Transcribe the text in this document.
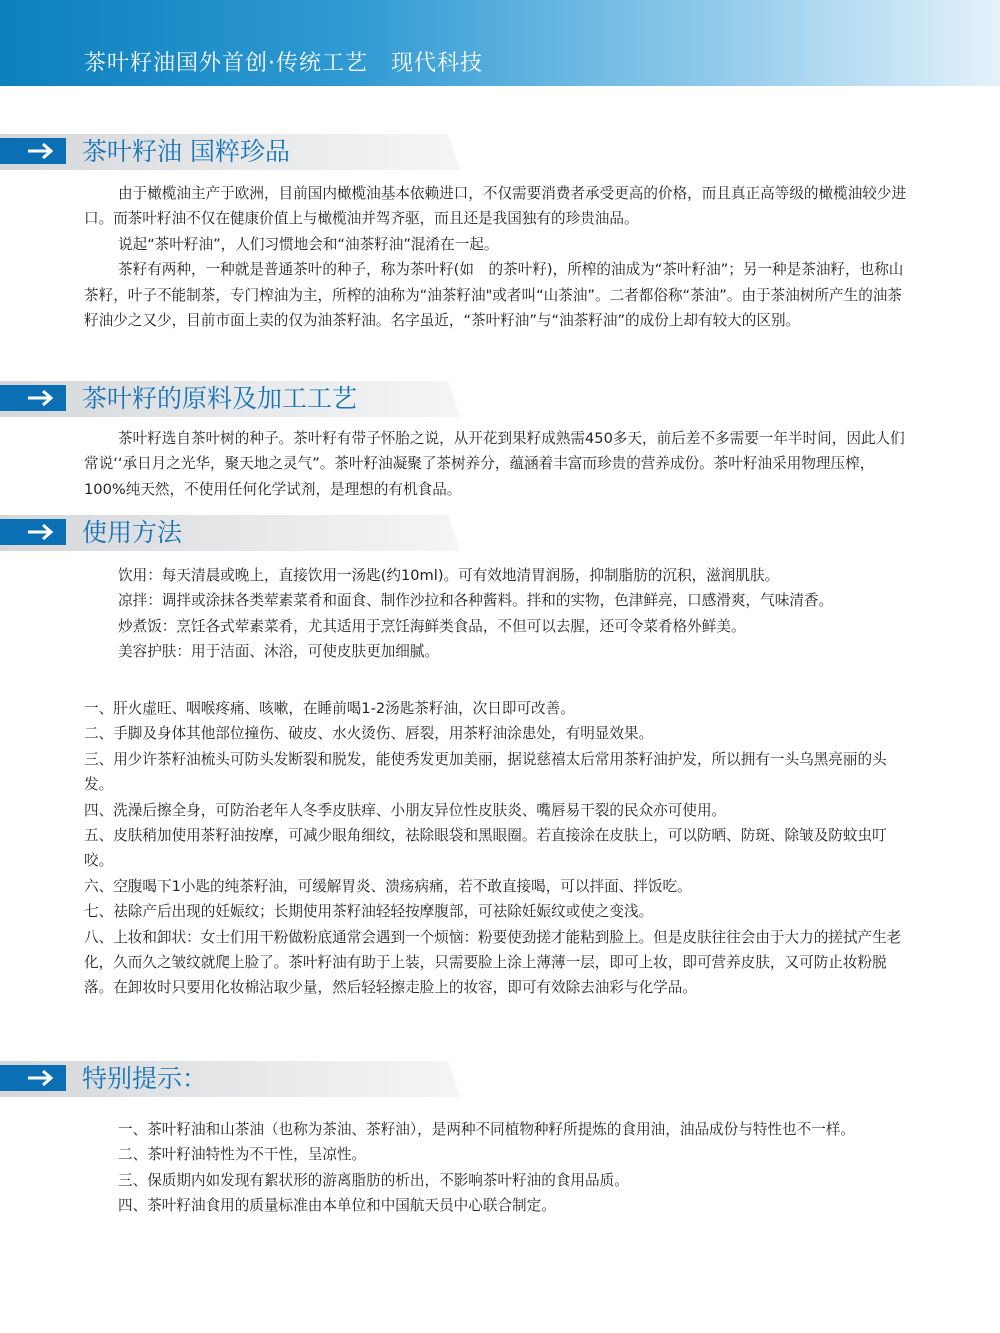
茶叶籽油国外首创·传统工艺　现代科技
茶叶籽油 国粹珍品

由于橄榄油主产于欧洲，目前国内橄榄油基本依赖进口，不仅需要消费者承受更高的价格，而且真正高等级的橄榄油较少进口。而茶叶籽油不仅在健康价值上与橄榄油并驾齐驱，而且还是我国独有的珍贵油品。

说起“茶叶籽油”，人们习惯地会和“油茶籽油”混淆在一起。

茶籽有两种，一种就是普通茶叶的种子，称为茶叶籽(如　的茶叶籽)，所榨的油成为“茶叶籽油”；另一种是茶油籽，也称山茶籽，叶子不能制茶，专门榨油为主，所榨的油称为“油茶籽油"或者叫“山茶油”。二者都俗称“茶油”。由于茶油树所产生的油茶籽油少之又少，目前市面上卖的仅为油茶籽油。名字虽近，“茶叶籽油”与“油茶籽油”的成份上却有较大的区别。

茶叶籽的原料及加工工艺

茶叶籽选自茶叶树的种子。茶叶籽有带子怀胎之说，从开花到果籽成熟需450多天，前后差不多需要一年半时间，因此人们常说‘‘承日月之光华，聚天地之灵气”。茶叶籽油凝聚了茶树养分，蕴涵着丰富而珍贵的营养成份。茶叶籽油采用物理压榨，100%纯天然，不使用任何化学试剂，是理想的有机食品。

使用方法

饮用：每天清晨或晚上，直接饮用一汤匙(约10ml)。可有效地清胃润肠，抑制脂肪的沉积，滋润肌肤。

凉拌：调拌或涂抹各类荤素菜肴和面食、制作沙拉和各种酱料。拌和的实物，色津鲜亮，口感滑爽，气味清香。

炒煮饭：烹饪各式荤素菜肴，尤其适用于烹饪海鲜类食品，不但可以去腥，还可令菜肴格外鲜美。

美容护肤：用于洁面、沐浴，可使皮肤更加细腻。

一、肝火虚旺、咽喉疼痛、咳嗽，在睡前喝1-2汤匙茶籽油，次日即可改善。

二、手脚及身体其他部位撞伤、破皮、水火烫伤、唇裂，用茶籽油涂患处，有明显效果。

三、用少许茶籽油梳头可防头发断裂和脱发，能使秀发更加美丽，据说慈禧太后常用茶籽油护发，所以拥有一头乌黑亮丽的头发。

四、洗澡后擦全身，可防治老年人冬季皮肤痒、小朋友异位性皮肤炎、嘴唇易干裂的民众亦可使用。

五、皮肤稍加使用茶籽油按摩，可减少眼角细纹，祛除眼袋和黑眼圈。若直接涂在皮肤上，可以防晒、防斑、除皱及防蚊虫叮咬。

六、空腹喝下1小匙的纯茶籽油，可缓解胃炎、溃疡病痛，若不敢直接喝，可以拌面、拌饭吃。

七、祛除产后出现的妊娠纹；长期使用茶籽油轻轻按摩腹部，可祛除妊娠纹或使之变浅。

八、上妆和卸状：女士们用干粉做粉底通常会遇到一个烦恼：粉要使劲搓才能粘到脸上。但是皮肤往往会由于大力的搓拭产生老化，久而久之皱纹就爬上脸了。茶叶籽油有助于上装，只需要脸上涂上薄薄一层，即可上妆，即可营养皮肤，又可防止妆粉脱落。在卸妆时只要用化妆棉沾取少量，然后轻轻擦走脸上的妆容，即可有效除去油彩与化学品。

特别提示：

一、茶叶籽油和山茶油（也称为茶油、茶籽油），是两种不同植物种籽所提炼的食用油，油品成份与特性也不一样。

二、茶叶籽油特性为不干性，呈凉性。

三、保质期内如发现有絮状形的游离脂肪的析出，不影响茶叶籽油的食用品质。

四、茶叶籽油食用的质量标准由本单位和中国航天员中心联合制定。
